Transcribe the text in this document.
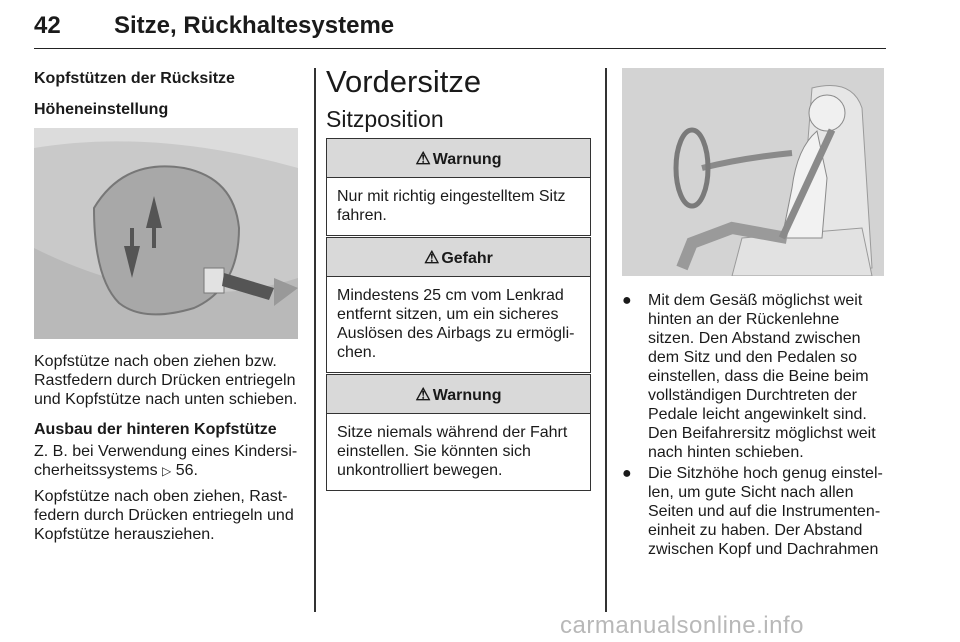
42 Sitze, Rückhaltesysteme
Kopfstützen der Rücksitze
Höheneinstellung
Kopfstütze nach oben ziehen bzw.
Rastfedern durch Drücken entriegeln
und Kopfstütze nach unten schieben.
Ausbau der hinteren Kopfstütze
Z. B. bei Verwendung eines Kindersi‐
cherheitssystems ▷ 56.
Kopfstütze nach oben ziehen, Rast‐
federn durch Drücken entriegeln und
Kopfstütze herausziehen.
Vordersitze
Sitzposition
⚠ Warnung
Nur mit richtig eingestelltem Sitz
fahren.
⚠ Gefahr
Mindestens 25 cm vom Lenkrad
entfernt sitzen, um ein sicheres
Auslösen des Airbags zu ermögli‐
chen.
⚠ Warnung
Sitze niemals während der Fahrt
einstellen. Sie könnten sich
unkontrolliert bewegen.
● Mit dem Gesäß möglichst weit
hinten an der Rückenlehne
sitzen. Den Abstand zwischen
dem Sitz und den Pedalen so
einstellen, dass die Beine beim
vollständigen Durchtreten der
Pedale leicht angewinkelt sind.
Den Beifahrersitz möglichst weit
nach hinten schieben.
● Die Sitzhöhe hoch genug einstel‐
len, um gute Sicht nach allen
Seiten und auf die Instrumenten‐
einheit zu haben. Der Abstand
zwischen Kopf und Dachrahmen
carmanualsonline.info
